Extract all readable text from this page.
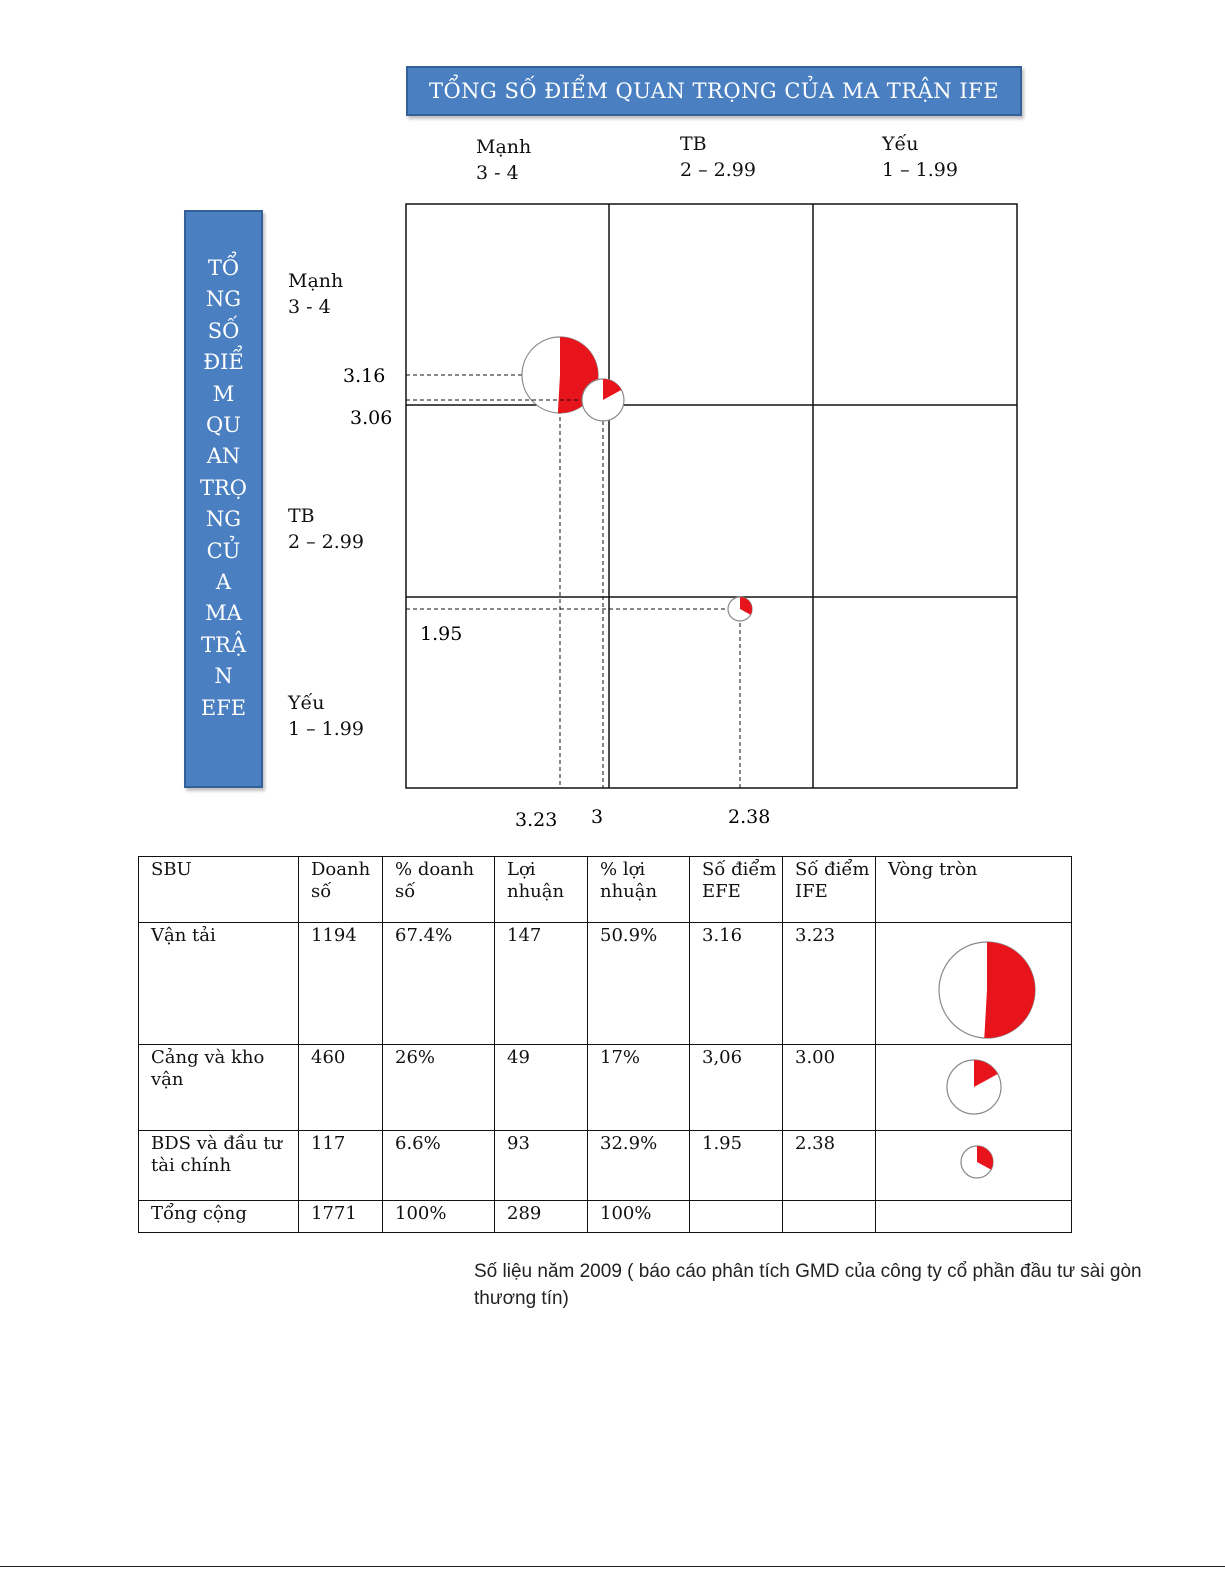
TỔNG SỐ ĐIỂM QUAN TRỌNG CỦA MA TRẬN IFE
Mạnh
3 - 4
TB
2 – 2.99
Yếu
1 – 1.99
TỔ
NG
SỐ
ĐIỂ
M
QU
AN
TRỌ
NG
CỦ
A
MA
TRẬ
N
EFE
Mạnh
3 - 4
TB
2 – 2.99
Yếu
1 – 1.99
3.16
3.23
3.06
3
1.95
2.38
SBU	Doanh số	% doanh số	Lợi nhuận	% lợi nhuận	Số điểm EFE	Số điểm IFE	Vòng tròn
Vận tải	1194	67.4%	147	50.9%	3.16	3.23	

Cảng và kho vận	460	26%	49	17%	3,06	3.00	

BDS và đầu tư tài chính	117	6.6%	93	32.9%	1.95	2.38	

Tổng cộng	1771	100%	289	100%			
Số liệu năm 2009 ( báo cáo phân tích GMD của công ty cổ phần đầu tư sài gòn thương tín)
